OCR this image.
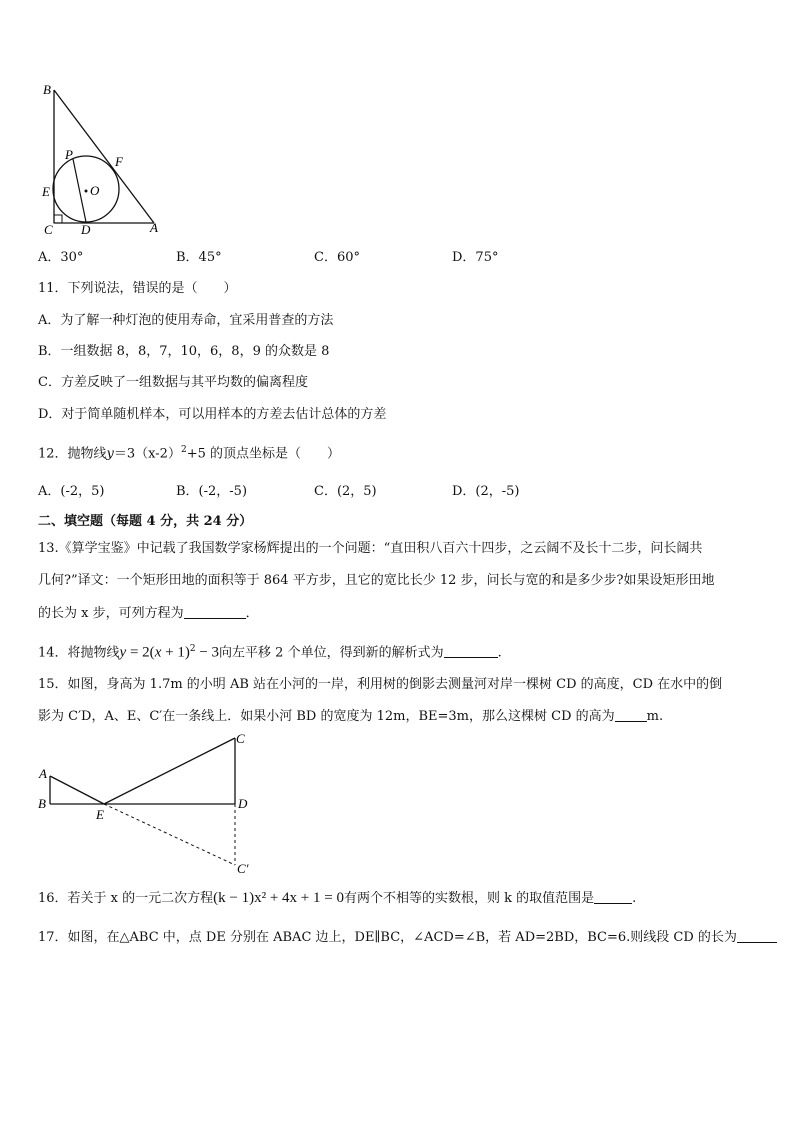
B
P	F
E	O
C D	A
A．30°	B．45°	C．60°	D．75°
11．下列说法，错误的是（　　）
A．为了解一种灯泡的使用寿命，宜采用普查的方法
B．一组数据 8，8，7，10，6，8，9 的众数是 8
C．方差反映了一组数据与其平均数的偏离程度
D．对于简单随机样本，可以用样本的方差去估计总体的方差
12．抛物线$y=3(x-2)^2+5$ 的顶点坐标是（　　）
A．(-2，5)	B．(-2，-5)	C．(2，5)	D．(2，-5)
二、填空题（每题 4 分，共 24 分）
13.《算学宝鉴》中记载了我国数学家杨辉提出的一个问题：“直田积八百六十四步，之云阔不及长十二步，问长阔共
几何?”译文：一个矩形田地的面积等于 864 平方步，且它的宽比长少 12 步，问长与宽的和是多少步?如果设矩形田地
的长为 x 步，可列方程为	．
14．将抛物线$y = 2(x + 1)^2 - 3$向左平移 2 个单位，得到新的解析式为	.
15．如图，身高为 1.7m 的小明 AB 站在小河的一岸，利用树的倒影去测量河对岸一棵树 CD 的高度，CD 在水中的倒
影为 C′D，A、E、C′在一条线上．如果小河 BD 的宽度为 12m，BE=3m，那么这棵树 CD 的高为 m.
A
B
E
C
D
C′
16．若关于 x 的一元二次方程(k − 1)x² + 4x + 1 = 0有两个不相等的实数根，则 k 的取值范围是	.
17．如图，在△ABC 中，点 DE 分别在 ABAC 边上，DE∥BC，∠ACD=∠B，若 AD=2BD，BC=6.则线段 CD 的长为
